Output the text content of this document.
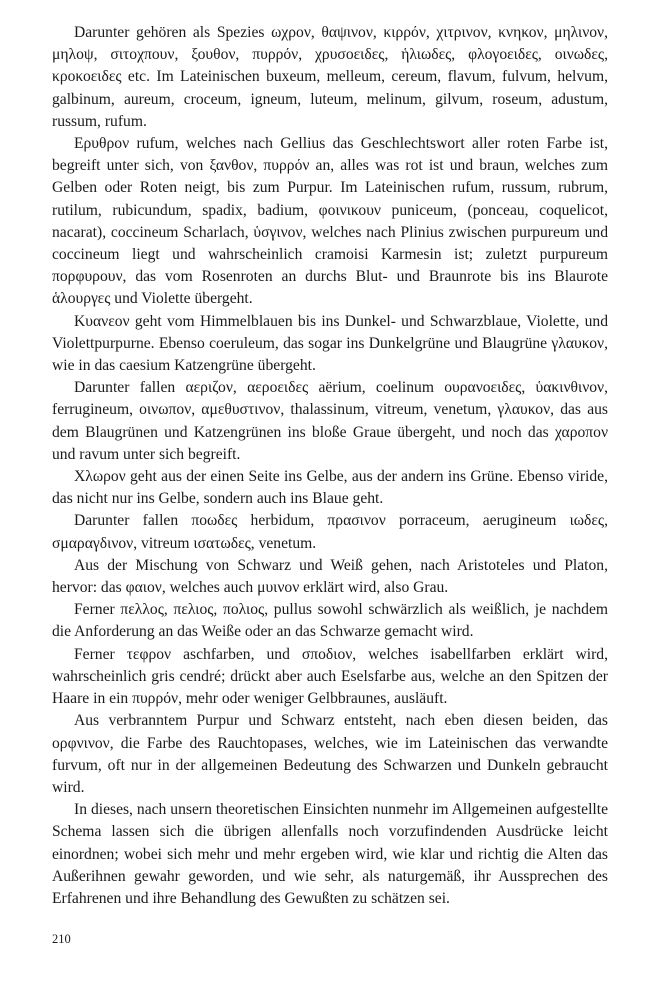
Darunter gehören als Spezies ωχρον, θαψινον, κιρρόν, χιτρινον, κνηκον, μηλινον, μηλοψ, σιτοχπουν, ξουθον, πυρρόν, χρυσοειδες, ἡλιωδες, φλογοειδες, οινωδες, κροκοειδες etc. Im Lateinischen buxeum, melleum, cereum, flavum, fulvum, helvum, galbinum, aureum, croceum, igneum, luteum, melinum, gilvum, roseum, adustum, russum, rufum.

Ερυθρον rufum, welches nach Gellius das Geschlechtswort aller roten Farbe ist, begreift unter sich, von ξανθον, πυρρόν an, alles was rot ist und braun, welches zum Gelben oder Roten neigt, bis zum Purpur. Im Lateinischen rufum, russum, rubrum, rutilum, rubicundum, spadix, badium, φοινικουν puniceum, (ponceau, coquelicot, nacarat), coccineum Scharlach, ὑσγινον, welches nach Plinius zwischen purpureum und coccineum liegt und wahrscheinlich cramoisi Karmesin ist; zuletzt purpureum πορφυρουν, das vom Rosenroten an durchs Blut- und Braunrote bis ins Blaurote ἁλουργες und Violette übergeht.

Κυανεον geht vom Himmelblauen bis ins Dunkel- und Schwarzblaue, Violette, und Violettpurpurne. Ebenso coeruleum, das sogar ins Dunkelgrüne und Blaugrüne γλαυκον, wie in das caesium Katzengrüne übergeht.

Darunter fallen αεριζον, αεροειδες aërium, coelinum ουρανοειδες, ὑακινθινον, ferrugineum, οινωπον, αμεθυστινον, thalassinum, vitreum, venetum, γλαυκον, das aus dem Blaugrünen und Katzengrünen ins bloße Graue übergeht, und noch das χαροπον und ravum unter sich begreift.

Χλωρον geht aus der einen Seite ins Gelbe, aus der andern ins Grüne. Ebenso viride, das nicht nur ins Gelbe, sondern auch ins Blaue geht.

Darunter fallen ποωδες herbidum, πρασινον porraceum, aerugineum ιωδες, σμαραγδινον, vitreum ισατωδες, venetum.

Aus der Mischung von Schwarz und Weiß gehen, nach Aristoteles und Platon, hervor: das φαιον, welches auch μυινον erklärt wird, also Grau.

Ferner πελλος, πελιος, πολιος, pullus sowohl schwärzlich als weißlich, je nachdem die Anforderung an das Weiße oder an das Schwarze gemacht wird.

Ferner τεφρον aschfarben, und σποδιον, welches isabellfarben erklärt wird, wahrscheinlich gris cendré; drückt aber auch Eselsfarbe aus, welche an den Spitzen der Haare in ein πυρρόν, mehr oder weniger Gelbbraunes, ausläuft.

Aus verbranntem Purpur und Schwarz entsteht, nach eben diesen beiden, das ορφνινον, die Farbe des Rauchtopases, welches, wie im Lateinischen das verwandte furvum, oft nur in der allgemeinen Bedeutung des Schwarzen und Dunkeln gebraucht wird.

In dieses, nach unsern theoretischen Einsichten nunmehr im Allgemeinen aufgestellte Schema lassen sich die übrigen allenfalls noch vorzufindenden Ausdrücke leicht einordnen; wobei sich mehr und mehr ergeben wird, wie klar und richtig die Alten das Außerihnen gewahr geworden, und wie sehr, als naturgemäß, ihr Aussprechen des Erfahrenen und ihre Behandlung des Gewußten zu schätzen sei.

210
